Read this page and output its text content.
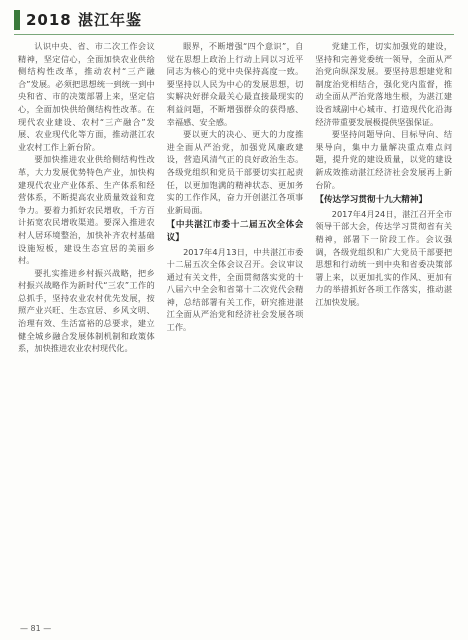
2018 湛江年鉴

认识中央、省、市二次工作会议精神，坚定信心，全面加快农业供给侧结构性改革，推动农村“三产融合”发展。必须把思想统一到统一到中央和省、市的决策部署上来，坚定信心，全面加快供给侧结构性改革。在现代农业建设、农村“三产融合”发展、农业现代化等方面，推动湛江农业农村工作上新台阶。

要加快推进农业供给侧结构性改革，大力发展优势特色产业，加快构建现代农业产业体系、生产体系和经营体系，不断提高农业质量效益和竞争力。要着力抓好农民增收，千方百计拓宽农民增收渠道。要深入推进农村人居环境整治，加快补齐农村基础设施短板，建设生态宜居的美丽乡村。

要扎实推进乡村振兴战略，把乡村振兴战略作为新时代“三农”工作的总抓手，坚持农业农村优先发展，按照产业兴旺、生态宜居、乡风文明、治理有效、生活富裕的总要求，建立健全城乡融合发展体制机制和政策体系，加快推进农业农村现代化。

眼界，不断增强“四个意识”，自觉在思想上政治上行动上同以习近平同志为核心的党中央保持高度一致。要坚持以人民为中心的发展思想，切实解决好群众最关心最直接最现实的利益问题，不断增强群众的获得感、幸福感、安全感。

要以更大的决心、更大的力度推进全面从严治党，加强党风廉政建设，营造风清气正的良好政治生态。各级党组织和党员干部要切实扛起责任，以更加饱满的精神状态、更加务实的工作作风，奋力开创湛江各项事业新局面。

【中共湛江市委十二届五次全体会议】

2017年4月13日，中共湛江市委十二届五次全体会议召开。会议审议通过有关文件，全面贯彻落实党的十八届六中全会和省第十二次党代会精神，总结部署有关工作，研究推进湛江全面从严治党和经济社会发展各项工作。

党建工作，切实加强党的建设，坚持和完善党委统一领导，全面从严治党向纵深发展。要坚持思想建党和制度治党相结合，强化党内监督，推动全面从严治党落地生根，为湛江建设省域副中心城市、打造现代化沿海经济带重要发展极提供坚强保证。

要坚持问题导向、目标导向、结果导向，集中力量解决重点难点问题，提升党的建设质量，以党的建设新成效推动湛江经济社会发展再上新台阶。

【传达学习贯彻十九大精神】

2017年4月24日，湛江召开全市领导干部大会，传达学习贯彻省有关精神，部署下一阶段工作。会议强调，各级党组织和广大党员干部要把思想和行动统一到中央和省委决策部署上来，以更加扎实的作风、更加有力的举措抓好各项工作落实，推动湛江加快发展。

— 81 —
